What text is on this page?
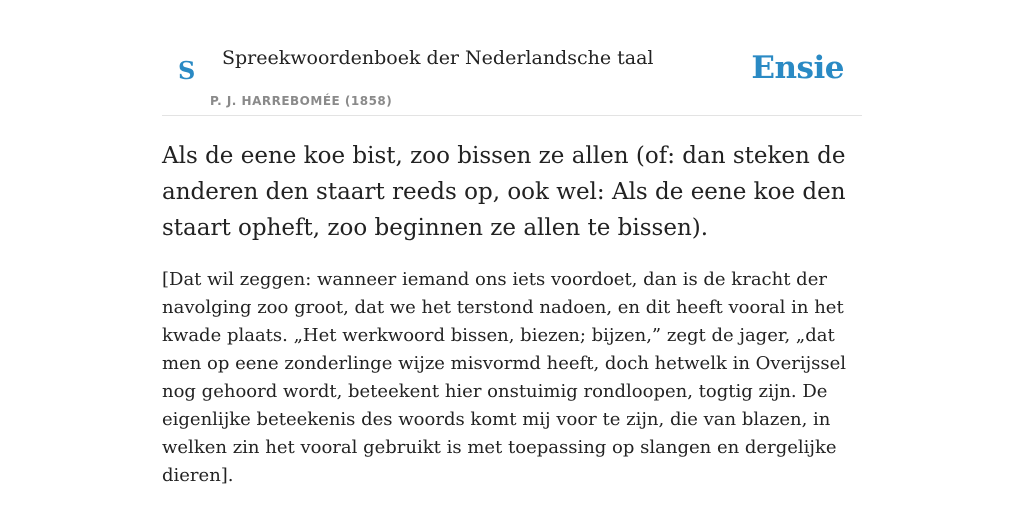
S Spreekwoordenboek der Nederlandsche taal
P. J. HARREBOMÉE (1858)
Ensie
Als de eene koe bist, zoo bissen ze allen (of: dan steken de anderen den staart reeds op, ook wel: Als de eene koe den staart opheft, zoo beginnen ze allen te bissen).

[Dat wil zeggen: wanneer iemand ons iets voordoet, dan is de kracht der navolging zoo groot, dat we het terstond nadoen, en dit heeft vooral in het kwade plaats. „Het werkwoord bissen, biezen; bijzen,” zegt de jager, „dat men op eene zonderlinge wijze misvormd heeft, doch hetwelk in Overijssel nog gehoord wordt, beteekent hier onstuimig rondloopen, togtig zijn. De eigenlijke beteekenis des woords komt mij voor te zijn, die van blazen, in welken zin het vooral gebruikt is met toepassing op slangen en dergelijke dieren].
